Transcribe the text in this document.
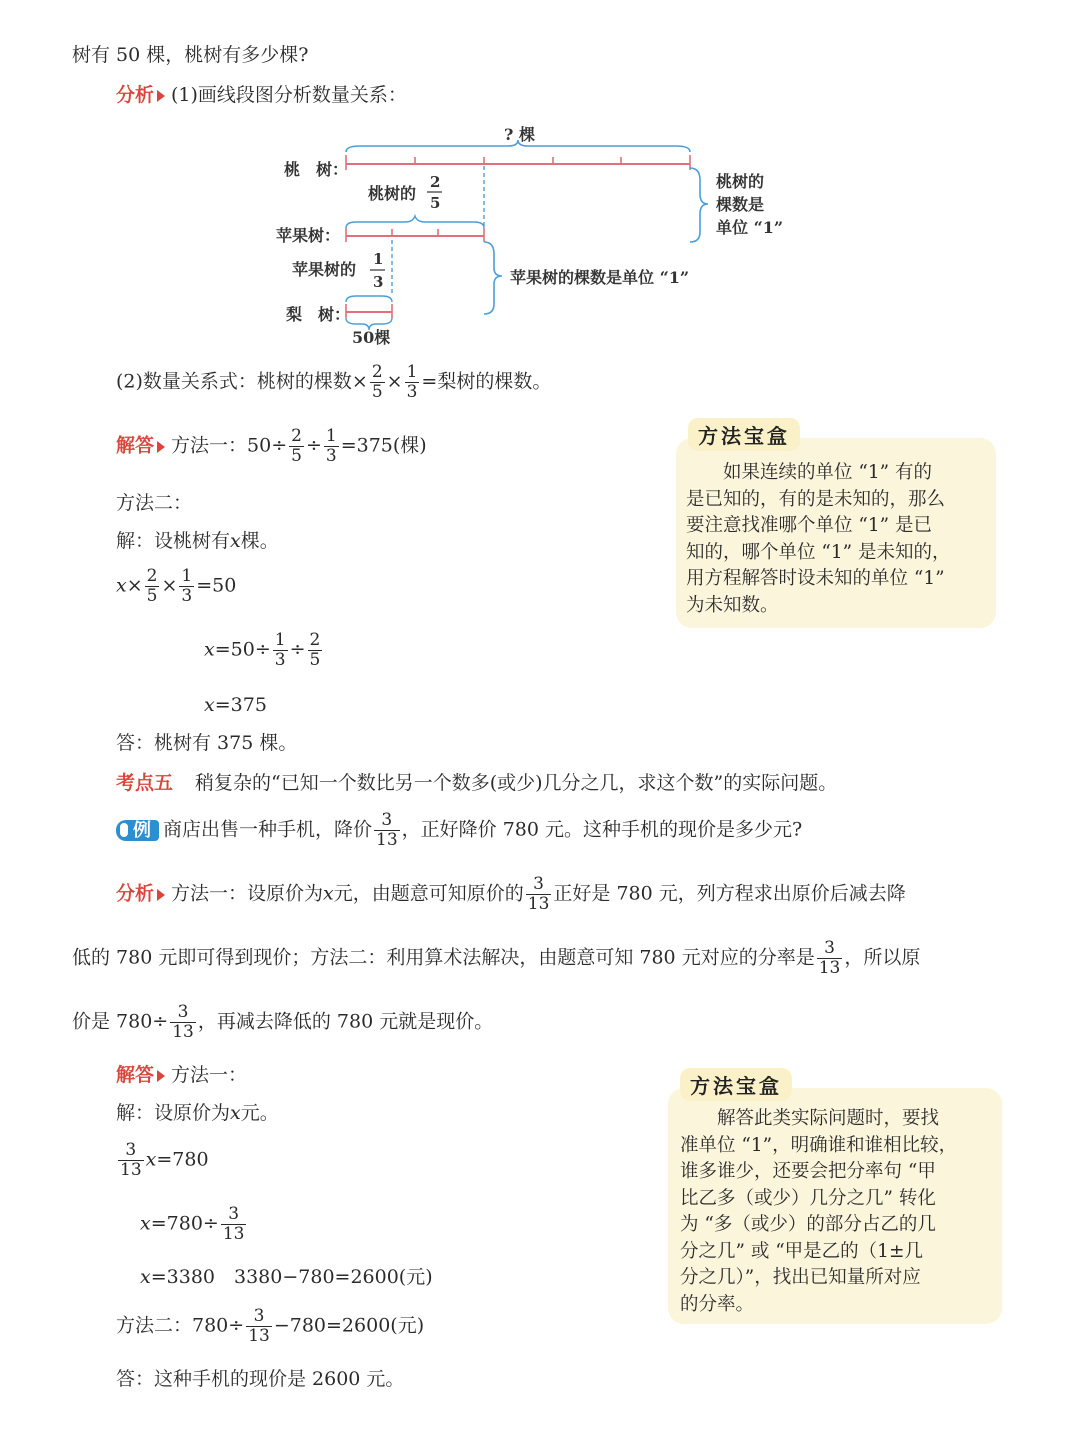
树有 50 棵，桃树有多少棵?
分析 (1)画线段图分析数量关系：
? 棵
桃　树：
桃树的
2
5
桃树的
棵数是
单位 “1”
苹果树：
苹果树的
1
3	苹果树的棵数是单位 “1”
梨　树：
50棵
(2)数量关系式：桃树的棵数× $\frac{2}{5} \times \frac{1}{3}$ =梨树的棵数。
解答 方法一：$50\div \frac{2}{5} \div \frac{1}{3} =375$(棵)
方法二：
解：设桃树有x棵。
$x\times \frac{2}{5} \times \frac{1}{3} =50$
$x=50\div \frac{1}{3} \div \frac{2}{5}$
x=375
答：桃树有 375 棵。
方法宝盒
　　如果连续的单位 “1” 有的
是已知的，有的是未知的，那么
要注意找准哪个单位 “1” 是已
知的，哪个单位 “1” 是未知的，
用方程解答时设未知的单位 “1”
为未知数。
考点五 稍复杂的“已知一个数比另一个数多(或少)几分之几，求这个数”的实际问题。
例 商店出售一种手机，降价 $\frac{3}{13}$ ，正好降价 780 元。这种手机的现价是多少元?
分析 方法一：设原价为x元，由题意可知原价的 $\frac{3}{13}$ 正好是 780 元，列方程求出原价后减去降
低的 780 元即可得到现价；方法二：利用算术法解决，由题意可知 780 元对应的分率是 $\frac{3}{13}$ ，所以原
价是 $780\div \frac{3}{13}$ ，再减去降低的 780 元就是现价。
解答 方法一：
解：设原价为x元。
$\frac{3}{13} x=780$
$x=780\div \frac{3}{13}$
x=3380　3380−780=2600(元)
方法二：$780\div \frac{3}{13} -780=2600$(元)
答：这种手机的现价是 2600 元。
方法宝盒
　　解答此类实际问题时，要找
准单位 “1”，明确谁和谁相比较，
谁多谁少，还要会把分率句 “甲
比乙多（或少）几分之几” 转化
为 “多（或少）的部分占乙的几
分之几” 或 “甲是乙的（1±几
分之几）”，找出已知量所对应
的分率。
